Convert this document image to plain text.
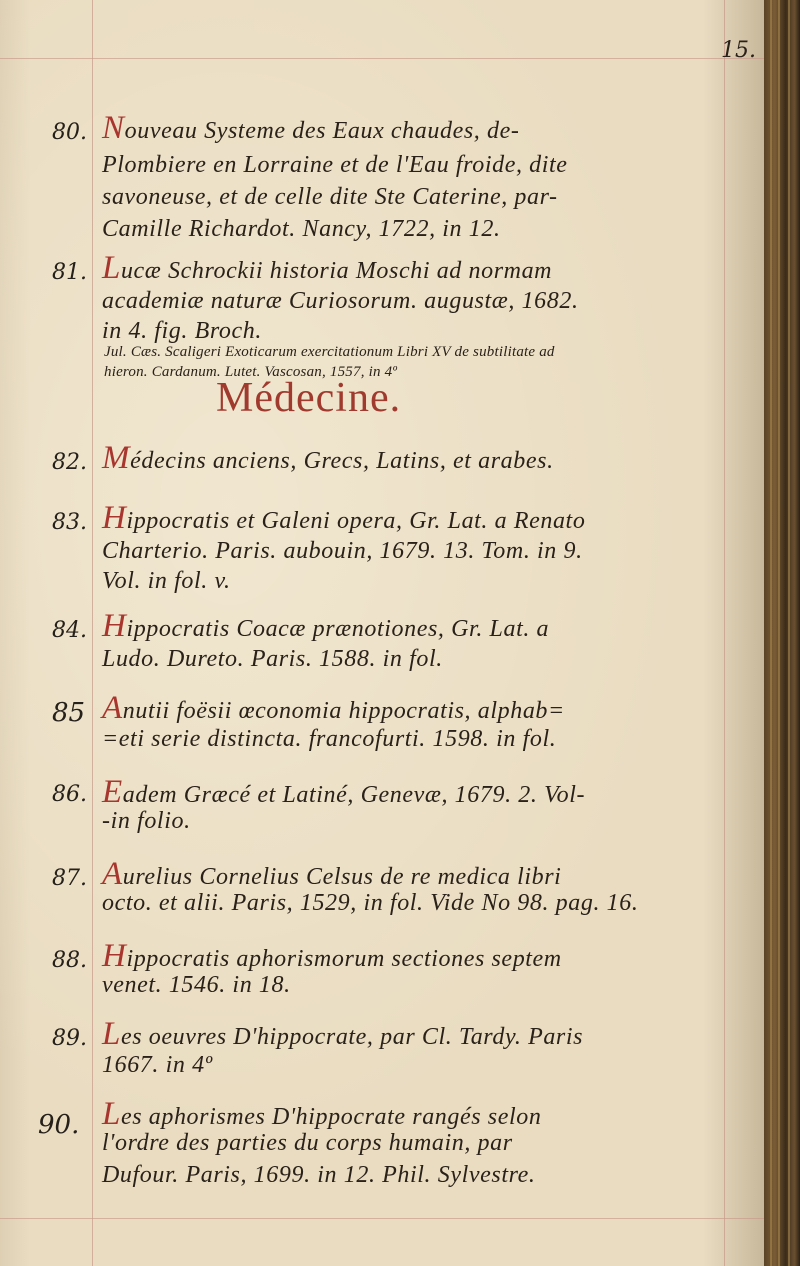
15.
Médecine.
80. Nouveau Systeme des Eaux chaudes, de-
Plombiere en Lorraine et de l'Eau froide, dite
savoneuse, et de celle dite Ste Caterine, par-
Camille Richardot. Nancy, 1722, in 12.
81. Lucæ Schrockii historia Moschi ad normam
academiæ naturæ Curiosorum. augustæ, 1682.
in 4. fig. Broch.
Jul. Cæs. Scaligeri Exoticarum exercitationum Libri XV de subtilitate ad
hieron. Cardanum. Lutet. Vascosan, 1557, in 4º
82. Médecins anciens, Grecs, Latins, et arabes.
83. Hippocratis et Galeni opera, Gr. Lat. a Renato
Charterio. Paris. aubouin, 1679. 13. Tom. in 9.
Vol. in fol. v.
84. Hippocratis Coacæ prænotiones, Gr. Lat. a
Ludo. Dureto. Paris. 1588. in fol.
85 Anutii foësii œconomia hippocratis, alphab=
=eti serie distincta. francofurti. 1598. in fol.
86. Eadem Græcé et Latiné, Genevæ, 1679. 2. Vol-
-in folio.
87. Aurelius Cornelius Celsus de re medica libri
octo. et alii. Paris, 1529, in fol. Vide No 98. pag. 16.
88. Hippocratis aphorismorum sectiones septem
venet. 1546. in 18.
89. Les oeuvres D'hippocrate, par Cl. Tardy. Paris
1667. in 4º
90. Les aphorismes D'hippocrate rangés selon
l'ordre des parties du corps humain, par
Dufour. Paris, 1699. in 12. Phil. Sylvestre.
